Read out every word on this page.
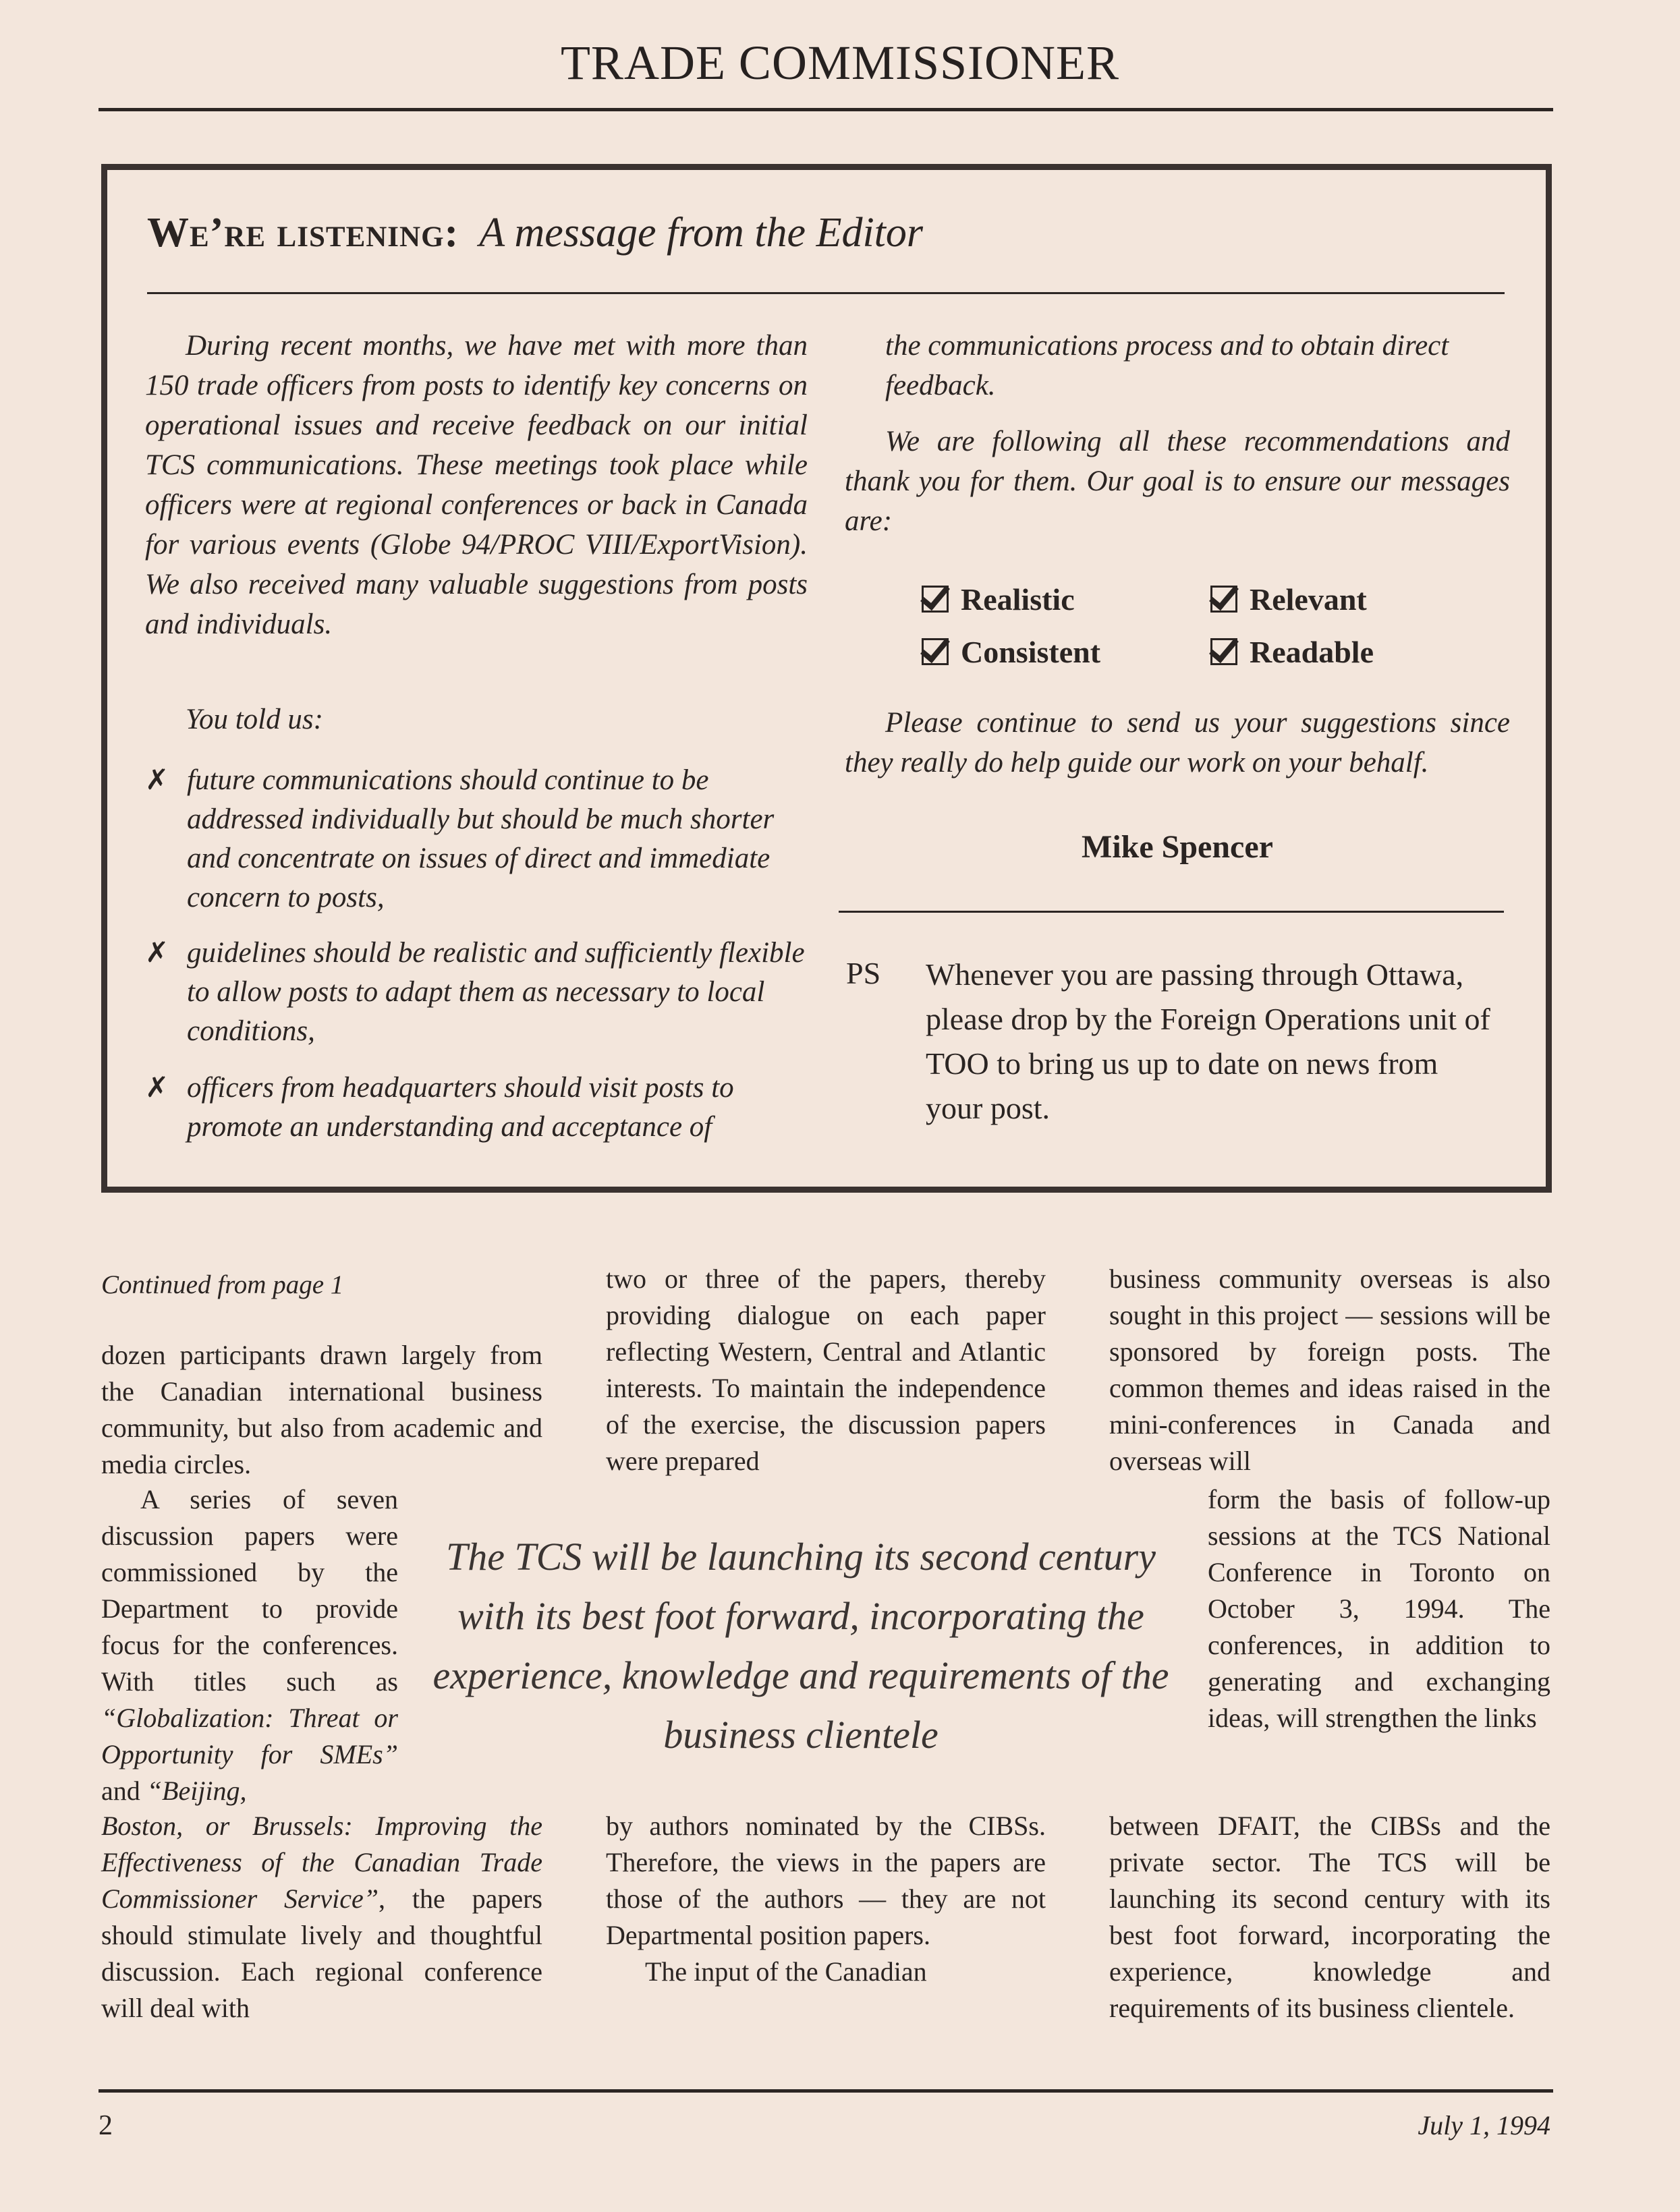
TRADE COMMISSIONER
We’re listening: A message from the Editor
During recent months, we have met with more than 150 trade officers from posts to identify key concerns on operational issues and receive feedback on our initial TCS communications. These meetings took place while officers were at regional conferences or back in Canada for various events (Globe 94/PROC VIII/ExportVision). We also received many valuable suggestions from posts and individuals.
You told us:
✗ future communications should continue to be addressed individually but should be much shorter and concentrate on issues of direct and immediate concern to posts,
✗ guidelines should be realistic and sufficiently flexible to allow posts to adapt them as necessary to local conditions,
✗ officers from headquarters should visit posts to promote an understanding and acceptance of
the communications process and to obtain direct feedback.
We are following all these recommendations and thank you for them. Our goal is to ensure our messages are:
Realistic	Relevant
Consistent	Readable
Please continue to send us your suggestions since they really do help guide our work on your behalf.
Mike Spencer
PS Whenever you are passing through Ottawa, please drop by the Foreign Operations unit of TOO to bring us up to date on news from your post.
Continued from page 1
dozen participants drawn largely from the Canadian international business community, but also from academic and media circles.
A series of seven discussion papers were commissioned by the Department to provide focus for the conferences. With titles such as “Globalization: Threat or Opportunity for SMEs” and “Beijing,
Boston, or Brussels: Improving the Effectiveness of the Canadian Trade Commissioner Service”, the papers should stimulate lively and thoughtful discussion. Each regional conference will deal with
two or three of the papers, thereby providing dialogue on each paper reflecting Western, Central and Atlantic interests. To maintain the independence of the exercise, the discussion papers were prepared
by authors nominated by the CIBSs. Therefore, the views in the papers are those of the authors — they are not Departmental position papers.
The input of the Canadian
business community overseas is also sought in this project — sessions will be sponsored by foreign posts. The common themes and ideas raised in the mini-conferences in Canada and overseas will
form the basis of follow-up sessions at the TCS National Conference in Toronto on October 3, 1994. The conferences, in addition to generating and exchanging ideas, will strengthen the links
between DFAIT, the CIBSs and the private sector. The TCS will be launching its second century with its best foot forward, incorporating the experience, knowledge and requirements of its business clientele.
The TCS will be launching its second century with its best foot forward, incorporating the experience, knowledge and requirements of the business clientele
2	July 1, 1994
